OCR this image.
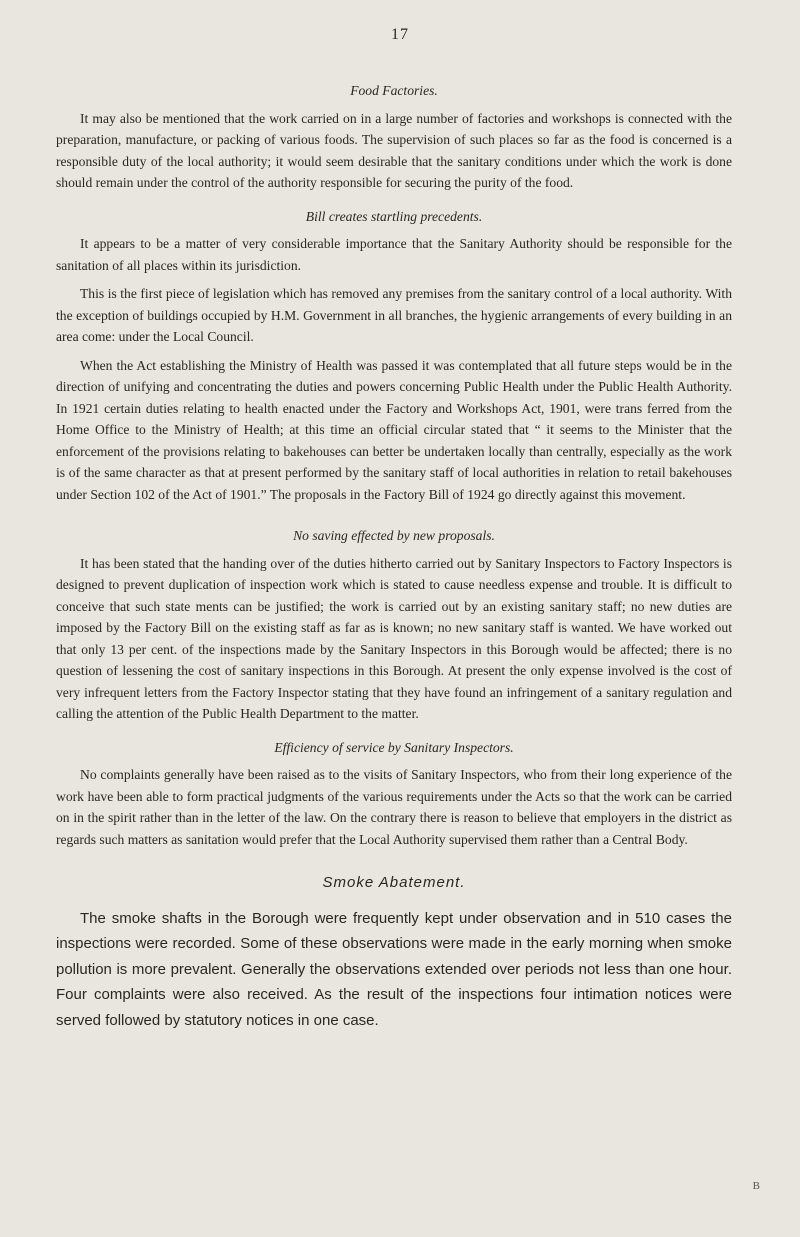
17

Food Factories.

It may also be mentioned that the work carried on in a large number of factories and workshops is connected with the preparation, manufacture, or packing of various foods. The supervision of such places so far as the food is concerned is a responsible duty of the local authority; it would seem desirable that the sanitary conditions under which the work is done should remain under the control of the authority responsible for securing the purity of the food.

Bill creates startling precedents.

It appears to be a matter of very considerable importance that the Sanitary Authority should be responsible for the sanitation of all places within its jurisdiction.

This is the first piece of legislation which has removed any premises from the sanitary control of a local authority. With the exception of buildings occupied by H.M. Government in all branches, the hygienic arrangements of every building in an area come: under the Local Council.

When the Act establishing the Ministry of Health was passed it was contemplated that all future steps would be in the direction of unifying and concentrating the duties and powers concerning Public Health under the Public Health Authority. In 1921 certain duties relating to health enacted under the Factory and Workshops Act, 1901, were trans ferred from the Home Office to the Ministry of Health; at this time an official circular stated that “ it seems to the Minister that the enforcement of the provisions relating to bakehouses can better be undertaken locally than centrally, especially as the work is of the same character as that at present performed by the sanitary staff of local authorities in relation to retail bakehouses under Section 102 of the Act of 1901.” The proposals in the Factory Bill of 1924 go directly against this movement.

No saving effected by new proposals.

It has been stated that the handing over of the duties hitherto carried out by Sanitary Inspectors to Factory Inspectors is designed to prevent duplication of inspection work which is stated to cause needless expense and trouble. It is difficult to conceive that such state ments can be justified; the work is carried out by an existing sanitary staff; no new duties are imposed by the Factory Bill on the existing staff as far as is known; no new sanitary staff is wanted. We have worked out that only 13 per cent. of the inspections made by the Sanitary Inspectors in this Borough would be affected; there is no question of lessening the cost of sanitary inspections in this Borough. At present the only expense involved is the cost of very infrequent letters from the Factory Inspector stating that they have found an infringement of a sanitary regulation and calling the attention of the Public Health Department to the matter.

Efficiency of service by Sanitary Inspectors.

No complaints generally have been raised as to the visits of Sanitary Inspectors, who from their long experience of the work have been able to form practical judgments of the various requirements under the Acts so that the work can be carried on in the spirit rather than in the letter of the law. On the contrary there is reason to believe that employers in the district as regards such matters as sanitation would prefer that the Local Authority supervised them rather than a Central Body.

Smoke Abatement.

The smoke shafts in the Borough were frequently kept under observation and in 510 cases the inspections were recorded. Some of these observations were made in the early morning when smoke pollution is more prevalent. Generally the observations extended over periods not less than one hour. Four complaints were also received. As the result of the inspections four intimation notices were served followed by statutory notices in one case.

B
